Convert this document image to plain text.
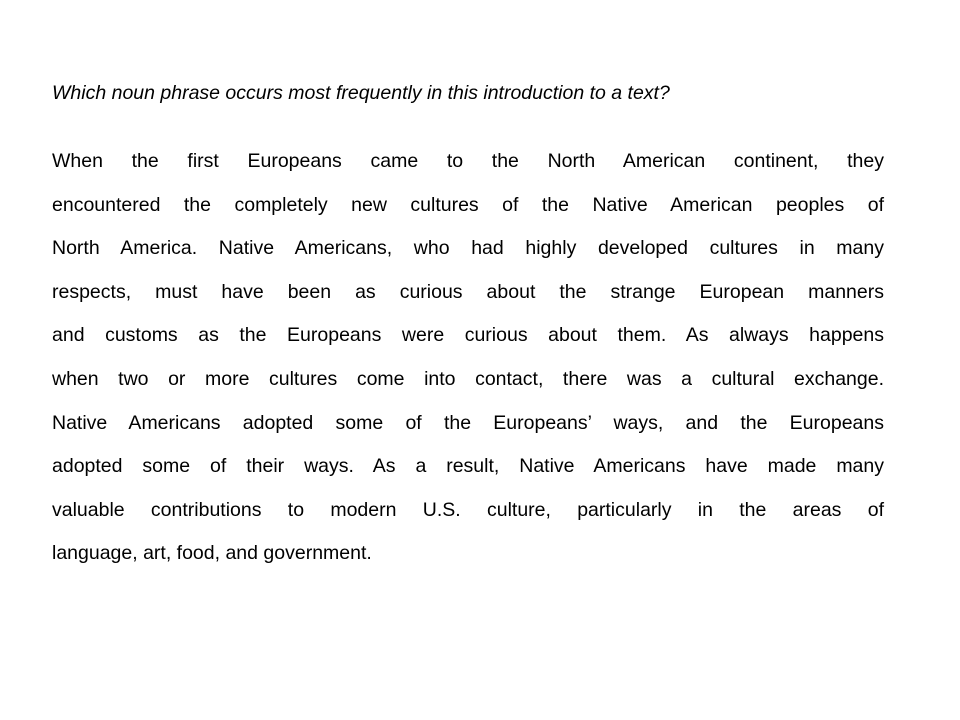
Which noun phrase occurs most frequently in this introduction to a text?

When the first Europeans came to the North American continent, they
encountered the completely new cultures of the Native American peoples of
North America. Native Americans, who had highly developed cultures in many
respects, must have been as curious about the strange European manners
and customs as the Europeans were curious about them. As always happens
when two or more cultures come into contact, there was a cultural exchange.
Native Americans adopted some of the Europeans’ ways, and the Europeans
adopted some of their ways. As a result, Native Americans have made many
valuable contributions to modern U.S. culture, particularly in the areas of
language, art, food, and government.
